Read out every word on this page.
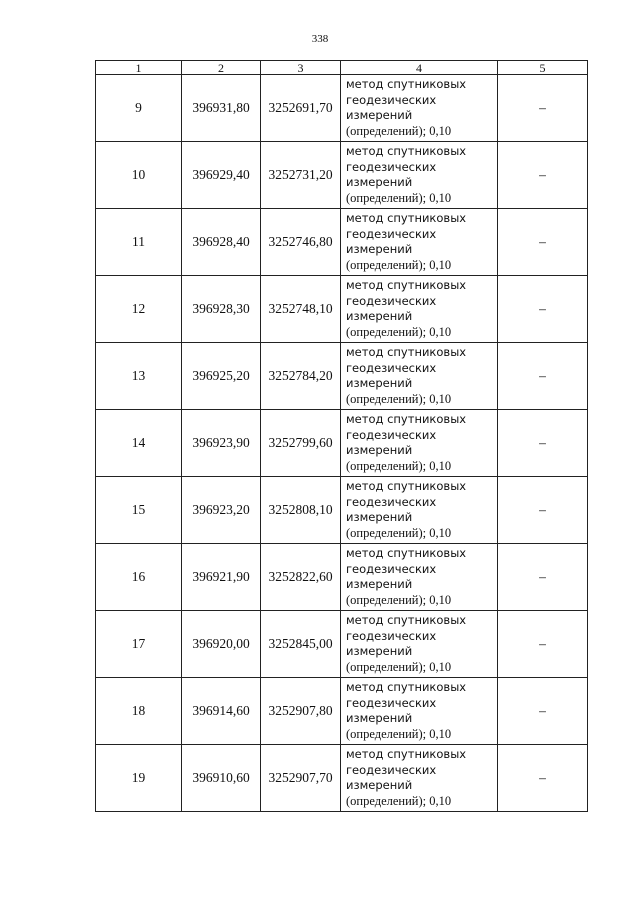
338
1	2	3	4	5
9	396931,80	3252691,70	метод спутниковых
геодезических
измерений
(определений); 0,10	–
10	396929,40	3252731,20	метод спутниковых
геодезических
измерений
(определений); 0,10	–
11	396928,40	3252746,80	метод спутниковых
геодезических
измерений
(определений); 0,10	–
12	396928,30	3252748,10	метод спутниковых
геодезических
измерений
(определений); 0,10	–
13	396925,20	3252784,20	метод спутниковых
геодезических
измерений
(определений); 0,10	–
14	396923,90	3252799,60	метод спутниковых
геодезических
измерений
(определений); 0,10	–
15	396923,20	3252808,10	метод спутниковых
геодезических
измерений
(определений); 0,10	–
16	396921,90	3252822,60	метод спутниковых
геодезических
измерений
(определений); 0,10	–
17	396920,00	3252845,00	метод спутниковых
геодезических
измерений
(определений); 0,10	–
18	396914,60	3252907,80	метод спутниковых
геодезических
измерений
(определений); 0,10	–
19	396910,60	3252907,70	метод спутниковых
геодезических
измерений
(определений); 0,10	–
